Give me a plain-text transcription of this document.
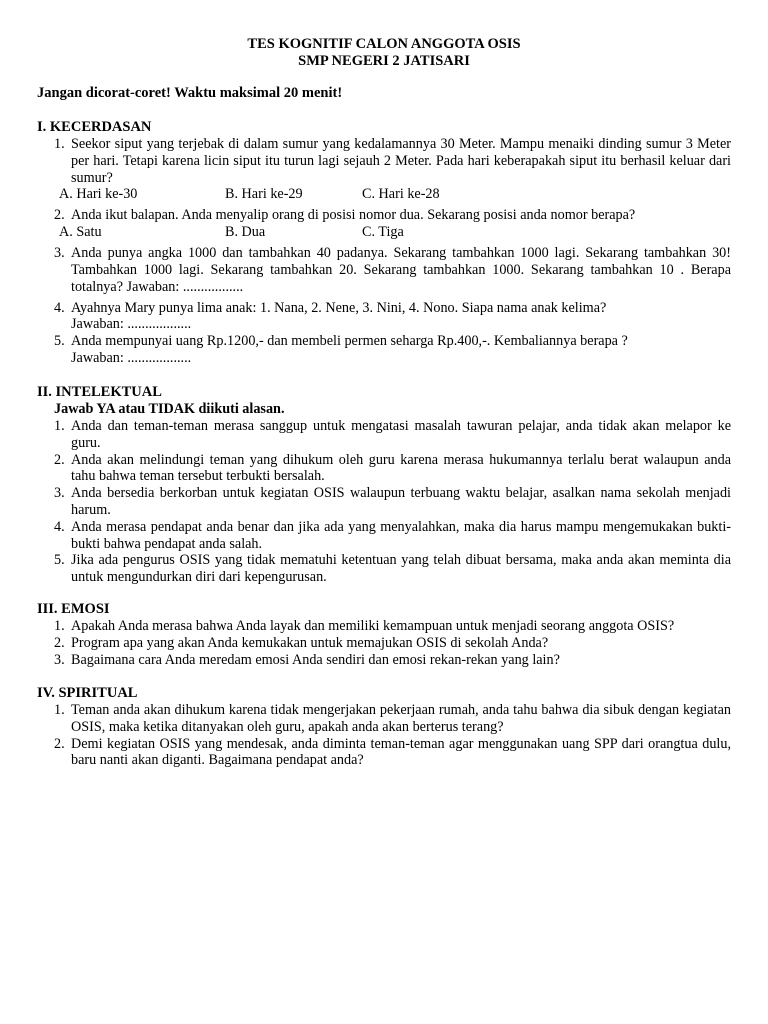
TES KOGNITIF CALON ANGGOTA OSIS
SMP NEGERI 2 JATISARI
Jangan dicorat-coret! Waktu maksimal 20 menit!
I. KECERDASAN
1. Seekor siput yang terjebak di dalam sumur yang kedalamannya 30 Meter. Mampu menaiki dinding sumur 3 Meter per hari. Tetapi karena licin siput itu turun lagi sejauh 2 Meter. Pada hari keberapakah siput itu berhasil keluar dari sumur?
A. Hari ke-30	B. Hari ke-29	C. Hari ke-28
2. Anda ikut balapan. Anda menyalip orang di posisi nomor dua. Sekarang posisi anda nomor berapa?
A. Satu	B. Dua	C. Tiga
3. Anda punya angka 1000 dan tambahkan 40 padanya. Sekarang tambahkan 1000 lagi. Sekarang tambahkan 30! Tambahkan 1000 lagi. Sekarang tambahkan 20. Sekarang tambahkan 1000. Sekarang tambahkan 10 . Berapa totalnya? Jawaban: .................
4. Ayahnya Mary punya lima anak: 1. Nana, 2. Nene, 3. Nini, 4. Nono. Siapa nama anak kelima?
Jawaban: ..................
5. Anda mempunyai uang Rp.1200,- dan membeli permen seharga Rp.400,-. Kembaliannya berapa ?
Jawaban: ..................
II. INTELEKTUAL
Jawab YA atau TIDAK diikuti alasan.
1. Anda dan teman-teman merasa sanggup untuk mengatasi masalah tawuran pelajar, anda tidak akan melapor ke guru.
2. Anda akan melindungi teman yang dihukum oleh guru karena merasa hukumannya terlalu berat walaupun anda tahu bahwa teman tersebut terbukti bersalah.
3. Anda bersedia berkorban untuk kegiatan OSIS walaupun terbuang waktu belajar, asalkan nama sekolah menjadi harum.
4. Anda merasa pendapat anda benar dan jika ada yang menyalahkan, maka dia harus mampu mengemukakan bukti-bukti bahwa pendapat anda salah.
5. Jika ada pengurus OSIS yang tidak mematuhi ketentuan yang telah dibuat bersama, maka anda akan meminta dia untuk mengundurkan diri dari kepengurusan.
III. EMOSI
1. Apakah Anda merasa bahwa Anda layak dan memiliki kemampuan untuk menjadi seorang anggota OSIS?
2. Program apa yang akan Anda kemukakan untuk memajukan OSIS di sekolah Anda?
3. Bagaimana cara Anda meredam emosi Anda sendiri dan emosi rekan-rekan yang lain?
IV. SPIRITUAL
1. Teman anda akan dihukum karena tidak mengerjakan pekerjaan rumah, anda tahu bahwa dia sibuk dengan kegiatan OSIS, maka ketika ditanyakan oleh guru, apakah anda akan berterus terang?
2. Demi kegiatan OSIS yang mendesak, anda diminta teman-teman agar menggunakan uang SPP dari orangtua dulu, baru nanti akan diganti. Bagaimana pendapat anda?
